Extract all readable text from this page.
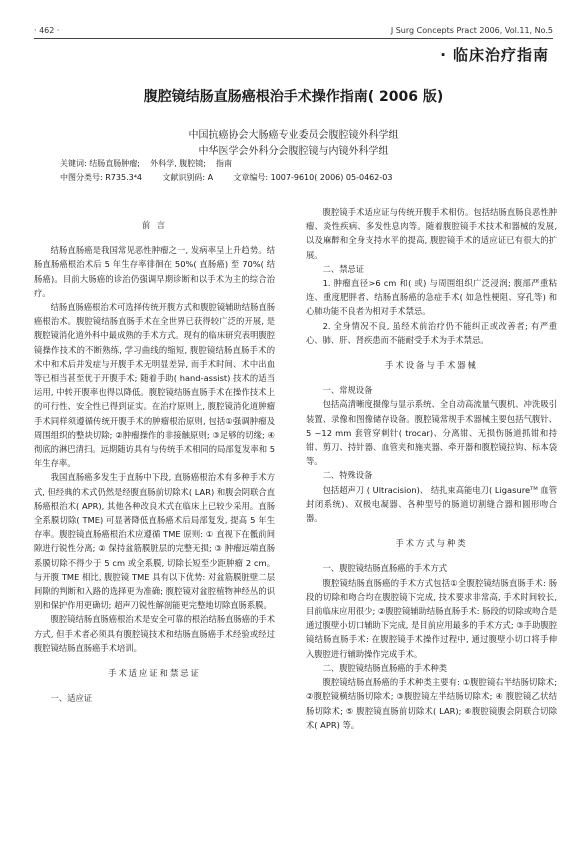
· 462 ·	J Surg Concepts Pract 2006, Vol.11, No.5
· 临床治疗指南
腹腔镜结肠直肠癌根治手术操作指南( 2006 版)
中国抗癌协会大肠癌专业委员会腹腔镜外科学组
中华医学会外科分会腹腔镜与内镜外科学组
关键词: 结肠直肠肿瘤;    外科学, 腹腔镜;    指南
中图分类号: R735.3⁴4        文献识别码: A        文章编号: 1007-9610( 2006) 05-0462-03

前 言

结肠直肠癌是我国常见恶性肿瘤之一, 发病率呈上升趋势。结肠直肠癌根治术后 5 年生存率徘徊在 50%( 直肠癌) 至 70%( 结肠癌)。目前大肠癌的诊治仍强调早期诊断和以手术为主的综合治疗。

结肠直肠癌根治术可选择传统开腹方式和腹腔镜辅助结肠直肠癌根治术。腹腔镜结肠直肠手术在全世界已获得较广泛的开展, 是腹腔镜消化道外科中最成熟的手术方式。现有的临床研究表明腹腔镜操作技术的不断熟练, 学习曲线的缩短, 腹腔镜结肠直肠手术的术中和术后并发症与开腹手术无明显差异, 而手术时间、术中出血等已相当甚至优于开腹手术; 随着手助( hand-assist) 技术的适当运用, 中转开腹率也得以降低。腹腔镜结肠直肠手术在操作技术上的可行性、安全性已得到证实。在治疗原则上, 腹腔镜消化道肿瘤手术同样须遵循传统开腹手术的肿瘤根治原则, 包括①强调肿瘤及周围组织的整块切除; ②肿瘤操作的非接触原则; ③足够的切缘; ④彻底的淋巴清扫。远期随访具有与传统手术相同的局部复发率和 5 年生存率。

我国直肠癌多发生于直肠中下段, 直肠癌根治术有多种手术方式, 但经典的术式仍然是经腹直肠前切除术( LAR) 和腹会阴联合直肠癌根治术( APR), 其他各种改良术式在临床上已较少采用。直肠全系膜切除( TME) 可显著降低直肠癌术后局部复发, 提高 5 年生存率。腹腔镜直肠癌根治术应遵循 TME 原则: ① 直视下在骶前间隙进行锐性分离; ② 保持盆筋膜脏层的完整无损; ③ 肿瘤远端直肠系膜切除不得少于 5 cm 或全系膜, 切除长短至少距肿瘤 2 cm。与开腹 TME 相比, 腹腔镜 TME 具有以下优势: 对盆筋膜脏壁二层间隙的判断和入路的选择更为准确; 腹腔镜对盆腔植物神经丛的识别和保护作用更确切; 超声刀锐性解剖能更完整地切除直肠系膜。

腹腔镜结肠直肠癌根治术是安全可靠的根治结肠直肠癌的手术方式, 但手术者必须具有腹腔镜技术和结肠直肠癌手术经验或经过腹腔镜结肠直肠癌手术培训。

手术适应证和禁忌证

一、适应证

腹腔镜手术适应证与传统开腹手术相仿。包括结肠直肠良恶性肿瘤、炎性疾病、多发性息肉等。随着腹腔镜手术技术和器械的发展, 以及麻醉和全身支持水平的提高, 腹腔镜手术的适应证已有很大的扩展。

二、禁忌证

1. 肿瘤直径>6 cm 和( 或) 与周围组织广泛浸润; 腹部严重粘连、重度肥胖者、结肠直肠癌的急症手术( 如急性梗阻、穿孔等) 和心肺功能不良者为相对手术禁忌。

2. 全身情况不良, 虽经术前治疗仍不能纠正或改善者; 有严重心、肺、肝、肾疾患而不能耐受手术为手术禁忌。

手术设备与手术器械

一、常规设备

包括高清晰度摄像与显示系统、全自动高流量气腹机、冲洗吸引装置、录像和图像储存设备。腹腔镜常规手术器械主要包括气腹针、5 ~12 mm 套管穿刺针( trocar)、分离钳、无损伤肠道抓钳和持钳、剪刀、持针器、血管夹和施夹器、牵开器和腹腔镜拉钩、标本袋等。

二、特殊设备

包括超声刀 ( Ultracision)、 结扎束高能电刀( Ligasureᵀᴹ 血管封闭系统)、双极电凝器、各种型号的肠道切割缝合器和圆形吻合器。

手术方式与种类

一、腹腔镜结肠直肠癌的手术方式

腹腔镜结肠直肠癌的手术方式包括①全腹腔镜结肠直肠手术: 肠段的切除和吻合均在腹腔镜下完成, 技术要求非常高, 手术时间较长, 目前临床应用很少; ②腹腔镜辅助结肠直肠手术: 肠段的切除或吻合是通过腹壁小切口辅助下完成, 是目前应用最多的手术方式; ③手助腹腔镜结肠直肠手术: 在腹腔镜手术操作过程中, 通过腹壁小切口将手伸入腹腔进行辅助操作完成手术。

二、腹腔镜结肠直肠癌的手术种类

腹腔镜结肠直肠癌的手术种类主要有: ①腹腔镜右半结肠切除术; ②腹腔镜横结肠切除术; ③腹腔镜左半结肠切除术; ④ 腹腔镜乙状结肠切除术; ⑤ 腹腔镜直肠前切除术( LAR); ⑥腹腔镜腹会阴联合切除术( APR) 等。
